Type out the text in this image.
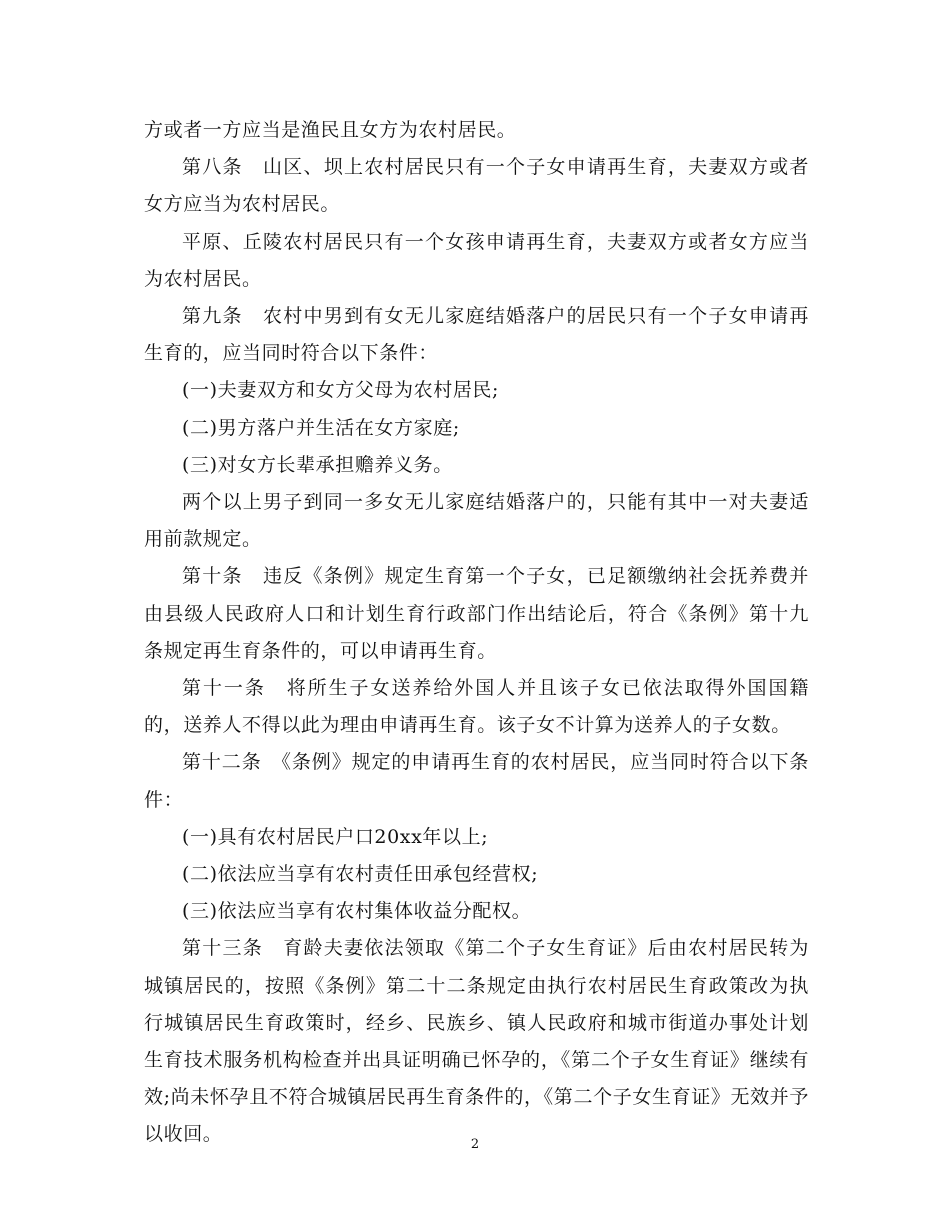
方或者一方应当是渔民且女方为农村居民。

第八条　山区、坝上农村居民只有一个子女申请再生育，夫妻双方或者女方应当为农村居民。

平原、丘陵农村居民只有一个女孩申请再生育，夫妻双方或者女方应当为农村居民。

第九条　农村中男到有女无儿家庭结婚落户的居民只有一个子女申请再生育的，应当同时符合以下条件：

(一)夫妻双方和女方父母为农村居民;

(二)男方落户并生活在女方家庭;

(三)对女方长辈承担赡养义务。

两个以上男子到同一多女无儿家庭结婚落户的，只能有其中一对夫妻适用前款规定。

第十条　违反《条例》规定生育第一个子女，已足额缴纳社会抚养费并由县级人民政府人口和计划生育行政部门作出结论后，符合《条例》第十九条规定再生育条件的，可以申请再生育。

第十一条　将所生子女送养给外国人并且该子女已依法取得外国国籍的，送养人不得以此为理由申请再生育。该子女不计算为送养人的子女数。

第十二条　《条例》规定的申请再生育的农村居民，应当同时符合以下条件：

(一)具有农村居民户口20xx年以上;

(二)依法应当享有农村责任田承包经营权;

(三)依法应当享有农村集体收益分配权。

第十三条　育龄夫妻依法领取《第二个子女生育证》后由农村居民转为城镇居民的，按照《条例》第二十二条规定由执行农村居民生育政策改为执行城镇居民生育政策时，经乡、民族乡、镇人民政府和城市街道办事处计划生育技术服务机构检查并出具证明确已怀孕的，《第二个子女生育证》继续有效;尚未怀孕且不符合城镇居民再生育条件的，《第二个子女生育证》无效并予以收回。	2
